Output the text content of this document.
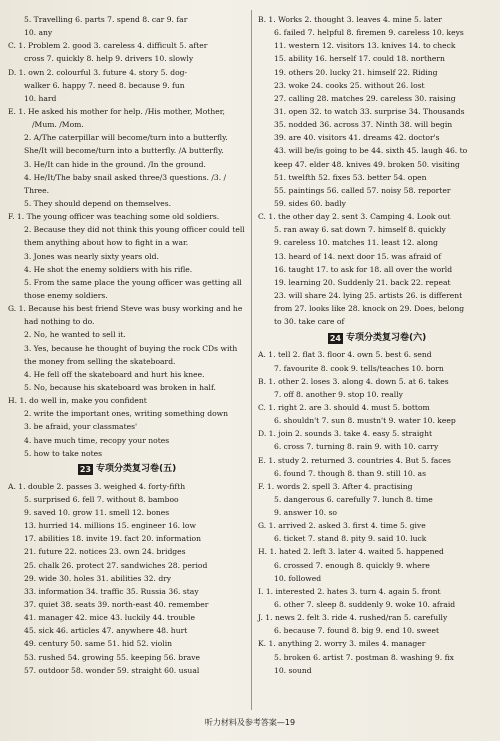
5. Travelling 6. parts 7. spend 8. car 9. far
10. any
C. 1. Problem 2. good 3. careless 4. difficult 5. after
cross 7. quickly 8. help 9. drivers 10. slowly
D. 1. own 2. colourful 3. future 4. story 5. dog-
walker 6. happy 7. need 8. because 9. fun
10. hard
E. 1. He asked his mother for help. /His mother, Mother,
/Mum. /Mom.
2. A/The caterpillar will become/turn into a butterfly.
She/It will become/turn into a butterfly. /A butterfly.
3. He/It can hide in the ground. /In the ground.
4. He/It/The baby snail asked three/3 questions. /3. /
Three.
5. They should depend on themselves.
F. 1. The young officer was teaching some old soldiers.
2. Because they did not think this young officer could tell
them anything about how to fight in a war.
3. Jones was nearly sixty years old.
4. He shot the enemy soldiers with his rifle.
5. From the same place the young officer was getting all
those enemy soldiers.
G. 1. Because his best friend Steve was busy working and he
had nothing to do.
2. No, he wanted to sell it.
3. Yes, because he thought of buying the rock CDs with
the money from selling the skateboard.
4. He fell off the skateboard and hurt his knee.
5. No, because his skateboard was broken in half.
H. 1. do well in, make you confident
2. write the important ones, writing something down
3. be afraid, your classmates'
4. have much time, recopy your notes
5. how to take notes
23 专项分类复习卷(五)
A. 1. double 2. passes 3. weighed 4. forty-fifth
5. surprised 6. fell 7. without 8. bamboo
9. saved 10. grow 11. smell 12. bones
13. hurried 14. millions 15. engineer 16. low
17. abilities 18. invite 19. fact 20. information
21. future 22. notices 23. own 24. bridges
25. chalk 26. protect 27. sandwiches 28. period
29. wide 30. holes 31. abilities 32. dry
33. information 34. traffic 35. Russia 36. stay
37. quiet 38. seats 39. north-east 40. remember
41. manager 42. mice 43. luckily 44. trouble
45. sick 46. articles 47. anywhere 48. hurt
49. century 50. same 51. hid 52. violin
53. rushed 54. growing 55. keeping 56. brave
57. outdoor 58. wonder 59. straight 60. usual
B. 1. Works 2. thought 3. leaves 4. mine 5. later
6. failed 7. helpful 8. firemen 9. careless 10. keys
11. western 12. visitors 13. knives 14. to check
15. ability 16. herself 17. could 18. northern
19. others 20. lucky 21. himself 22. Riding
23. woke 24. cooks 25. without 26. lost
27. calling 28. matches 29. careless 30. raising
31. open 32. to watch 33. surprise 34. Thousands
35. nodded 36. across 37. Ninth 38. will begin
39. are 40. visitors 41. dreams 42. doctor's
43. will be/is going to be 44. sixth 45. laugh 46. to
keep 47. elder 48. knives 49. broken 50. visiting
51. twelfth 52. fixes 53. better 54. open
55. paintings 56. called 57. noisy 58. reporter
59. sides 60. badly
C. 1. the other day 2. sent 3. Camping 4. Look out
5. ran away 6. sat down 7. himself 8. quickly
9. careless 10. matches 11. least 12. along
13. heard of 14. next door 15. was afraid of
16. taught 17. to ask for 18. all over the world
19. learning 20. Suddenly 21. back 22. repeat
23. will share 24. lying 25. artists 26. is different
from 27. looks like 28. knock on 29. Does, belong
to 30. take care of
24 专项分类复习卷(六)
A. 1. tell 2. flat 3. floor 4. own 5. best 6. send
7. favourite 8. cook 9. tells/teaches 10. born
B. 1. other 2. loses 3. along 4. down 5. at 6. takes
7. off 8. another 9. stop 10. really
C. 1. right 2. are 3. should 4. must 5. bottom
6. shouldn't 7. sun 8. mustn't 9. water 10. keep
D. 1. join 2. sounds 3. take 4. easy 5. straight
6. cross 7. turning 8. rain 9. with 10. carry
E. 1. study 2. returned 3. countries 4. But 5. faces
6. found 7. though 8. than 9. still 10. as
F. 1. words 2. spell 3. After 4. practising
5. dangerous 6. carefully 7. lunch 8. time
9. answer 10. so
G. 1. arrived 2. asked 3. first 4. time 5. give
6. ticket 7. stand 8. pity 9. said 10. luck
H. 1. hated 2. left 3. later 4. waited 5. happened
6. crossed 7. enough 8. quickly 9. where
10. followed
I. 1. interested 2. hates 3. turn 4. again 5. front
6. other 7. sleep 8. suddenly 9. woke 10. afraid
J. 1. news 2. felt 3. ride 4. rushed/ran 5. carefully
6. because 7. found 8. big 9. end 10. sweet
K. 1. anything 2. worry 3. miles 4. manager
5. broken 6. artist 7. postman 8. washing 9. fix
10. sound
听力材料及参考答案—19
